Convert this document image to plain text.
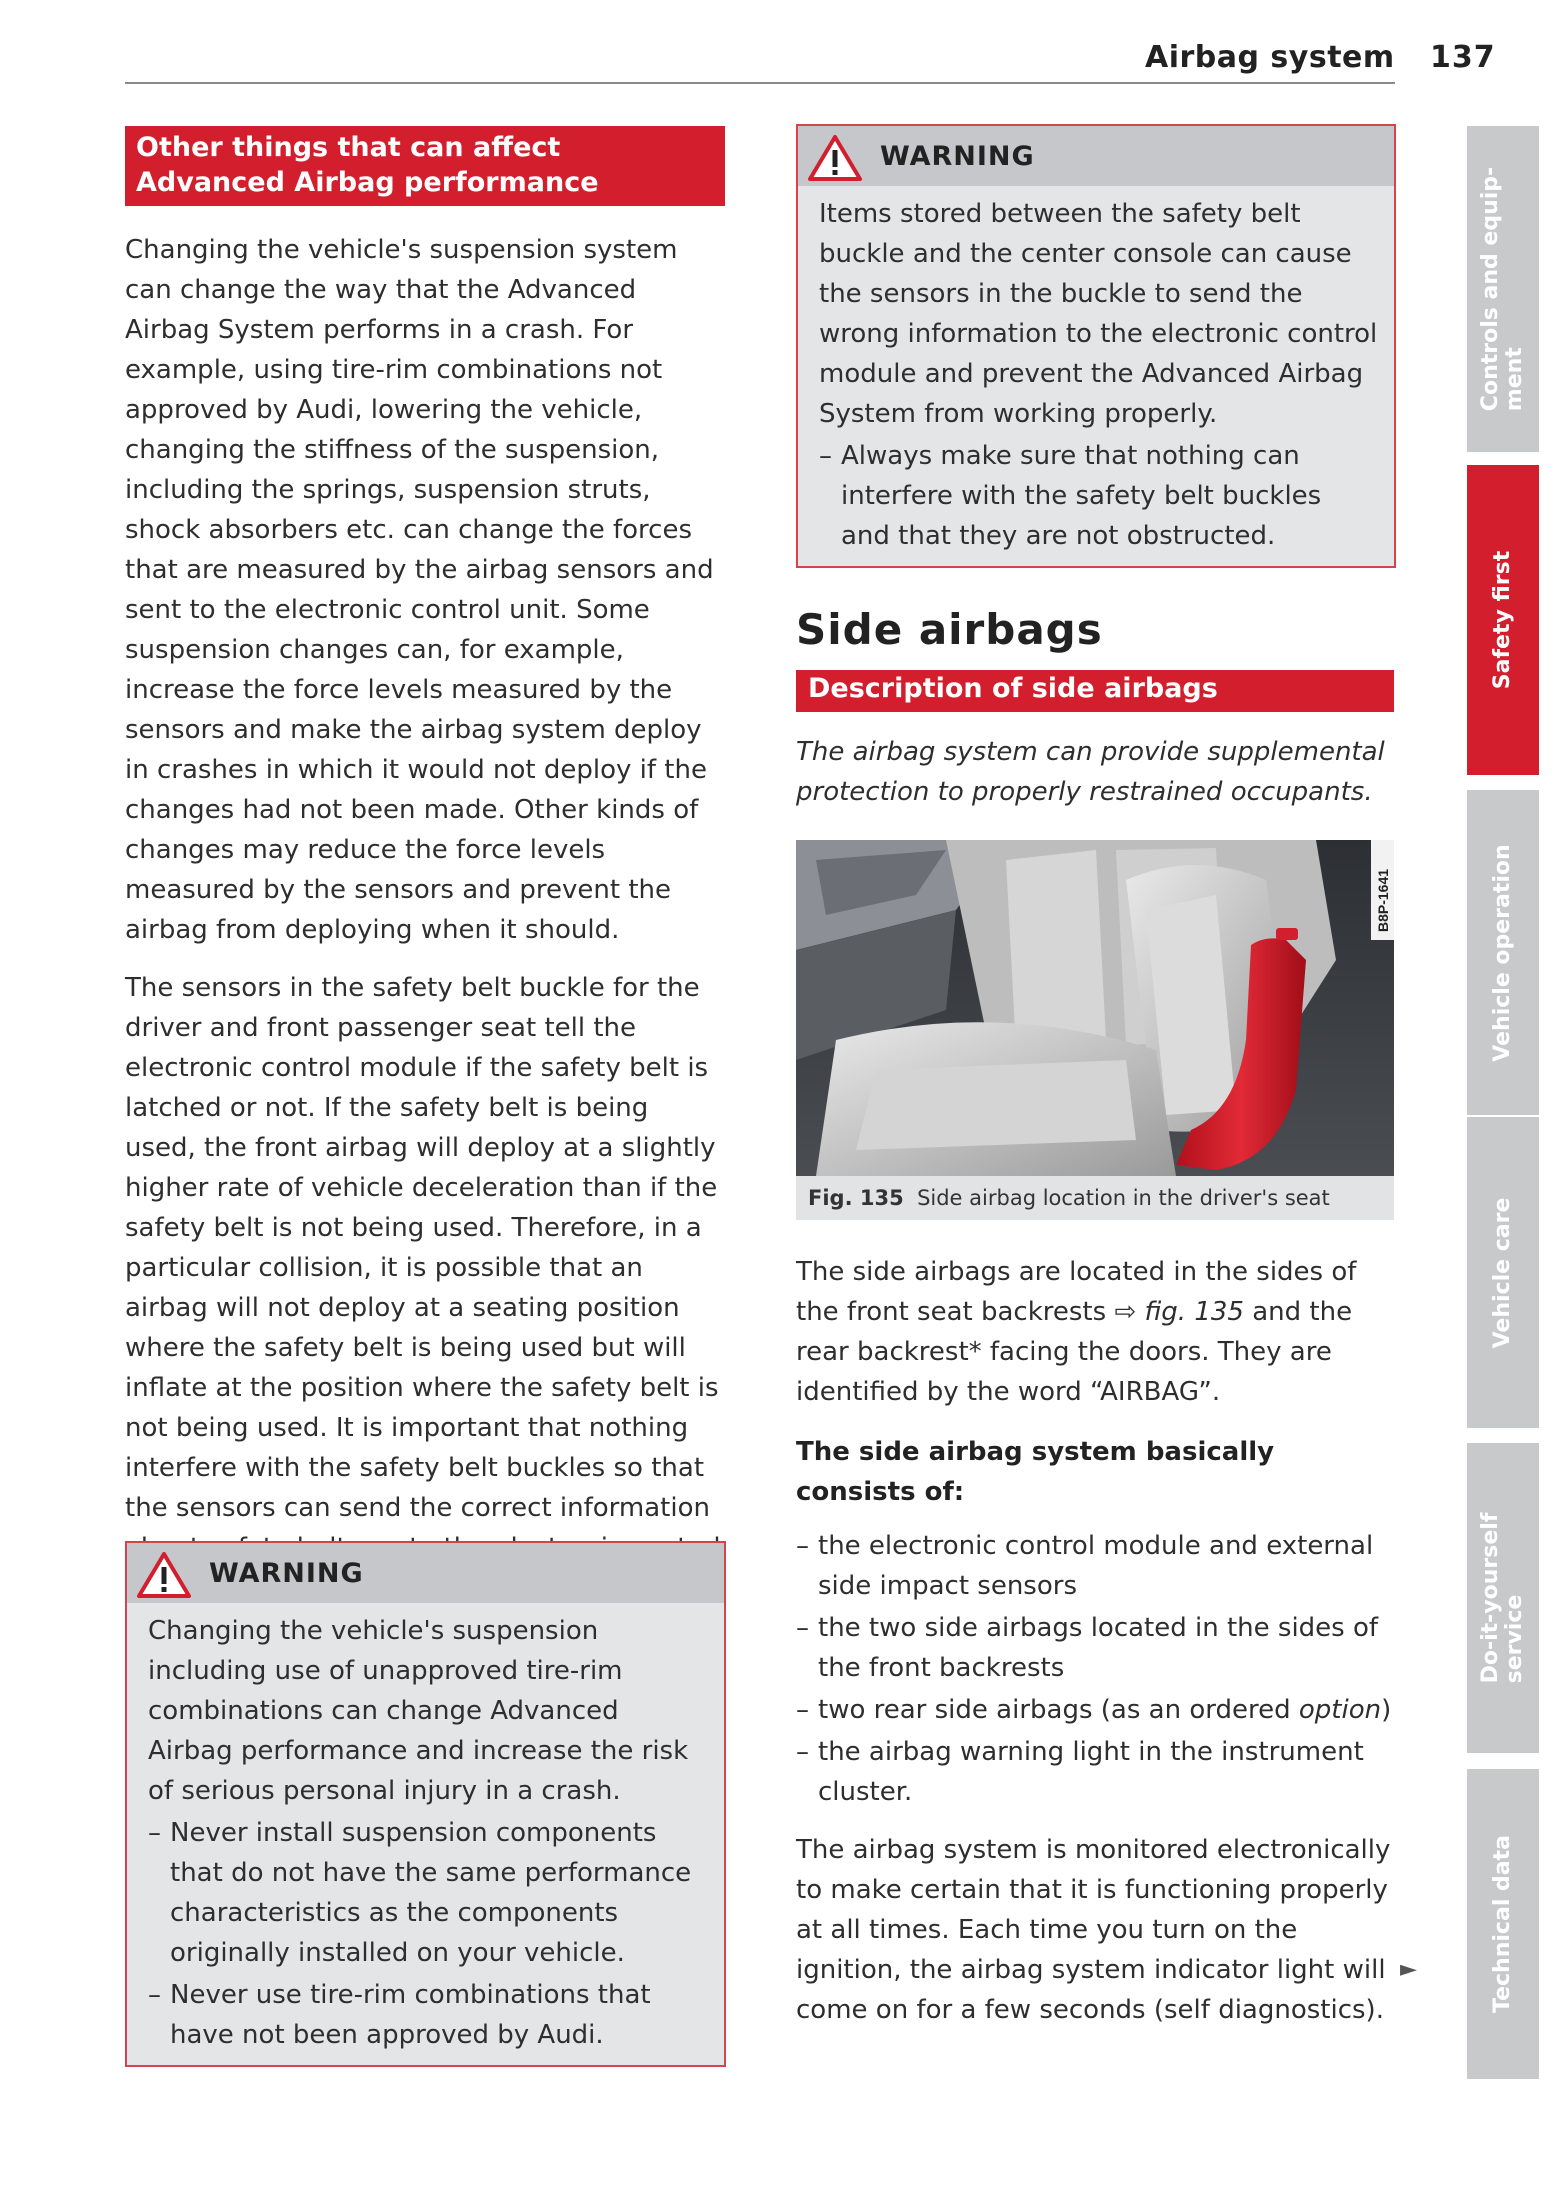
Airbag system 137
Other things that can affect Advanced Airbag performance

Changing the vehicle's suspension system can change the way that the Advanced Airbag System performs in a crash. For example, using tire-rim combinations not approved by Audi, lowering the vehicle, changing the stiffness of the suspension, including the springs, suspension struts, shock absorbers etc. can change the forces that are measured by the airbag sensors and sent to the electronic control unit. Some suspension changes can, for example, increase the force levels measured by the sensors and make the airbag system deploy in crashes in which it would not deploy if the changes had not been made. Other kinds of changes may reduce the force levels measured by the sensors and prevent the airbag from deploying when it should.

The sensors in the safety belt buckle for the driver and front passenger seat tell the electronic control module if the safety belt is latched or not. If the safety belt is being used, the front airbag will deploy at a slightly higher rate of vehicle deceleration than if the safety belt is not being used. Therefore, in a particular collision, it is possible that an airbag will not deploy at a seating position where the safety belt is being used but will inflate at the position where the safety belt is not being used. It is important that nothing interfere with the safety belt buckles so that the sensors can send the correct information

WARNING

Changing the vehicle's suspension including use of unapproved tire-rim combinations can change Advanced Airbag performance and increase the risk of serious personal injury in a crash.

– Never install suspension components that do not have the same performance characteristics as the components originally installed on your vehicle.
– Never use tire-rim combinations that have not been approved by Audi.
WARNING

Items stored between the safety belt buckle and the center console can cause the sensors in the buckle to send the wrong information to the electronic control module and prevent the Advanced Airbag System from working properly.

– Always make sure that nothing can interfere with the safety belt buckles and that they are not obstructed.
Side airbags
Description of side airbags
The airbag system can provide supplemental protection to properly restrained occupants.
B8P-1641
Fig. 135 Side airbag location in the driver's seat

The side airbags are located in the sides of the front seat backrests ⇨ fig. 135 and the rear backrest* facing the doors. They are identified by the word “AIRBAG”.

The side airbag system basically consists of:
– the electronic control module and external side impact sensors
– the two side airbags located in the sides of the front backrests
– two rear side airbags (as an ordered option)
– the airbag warning light in the instrument cluster.

The airbag system is monitored electronically to make certain that it is functioning properly at all times. Each time you turn on the ignition, the airbag system indicator light will come on for a few seconds (self diagnostics).

►
Controls and equip-
ment
Safety first
Vehicle operation
Vehicle care
Do-it-yourself
service
Technical data
